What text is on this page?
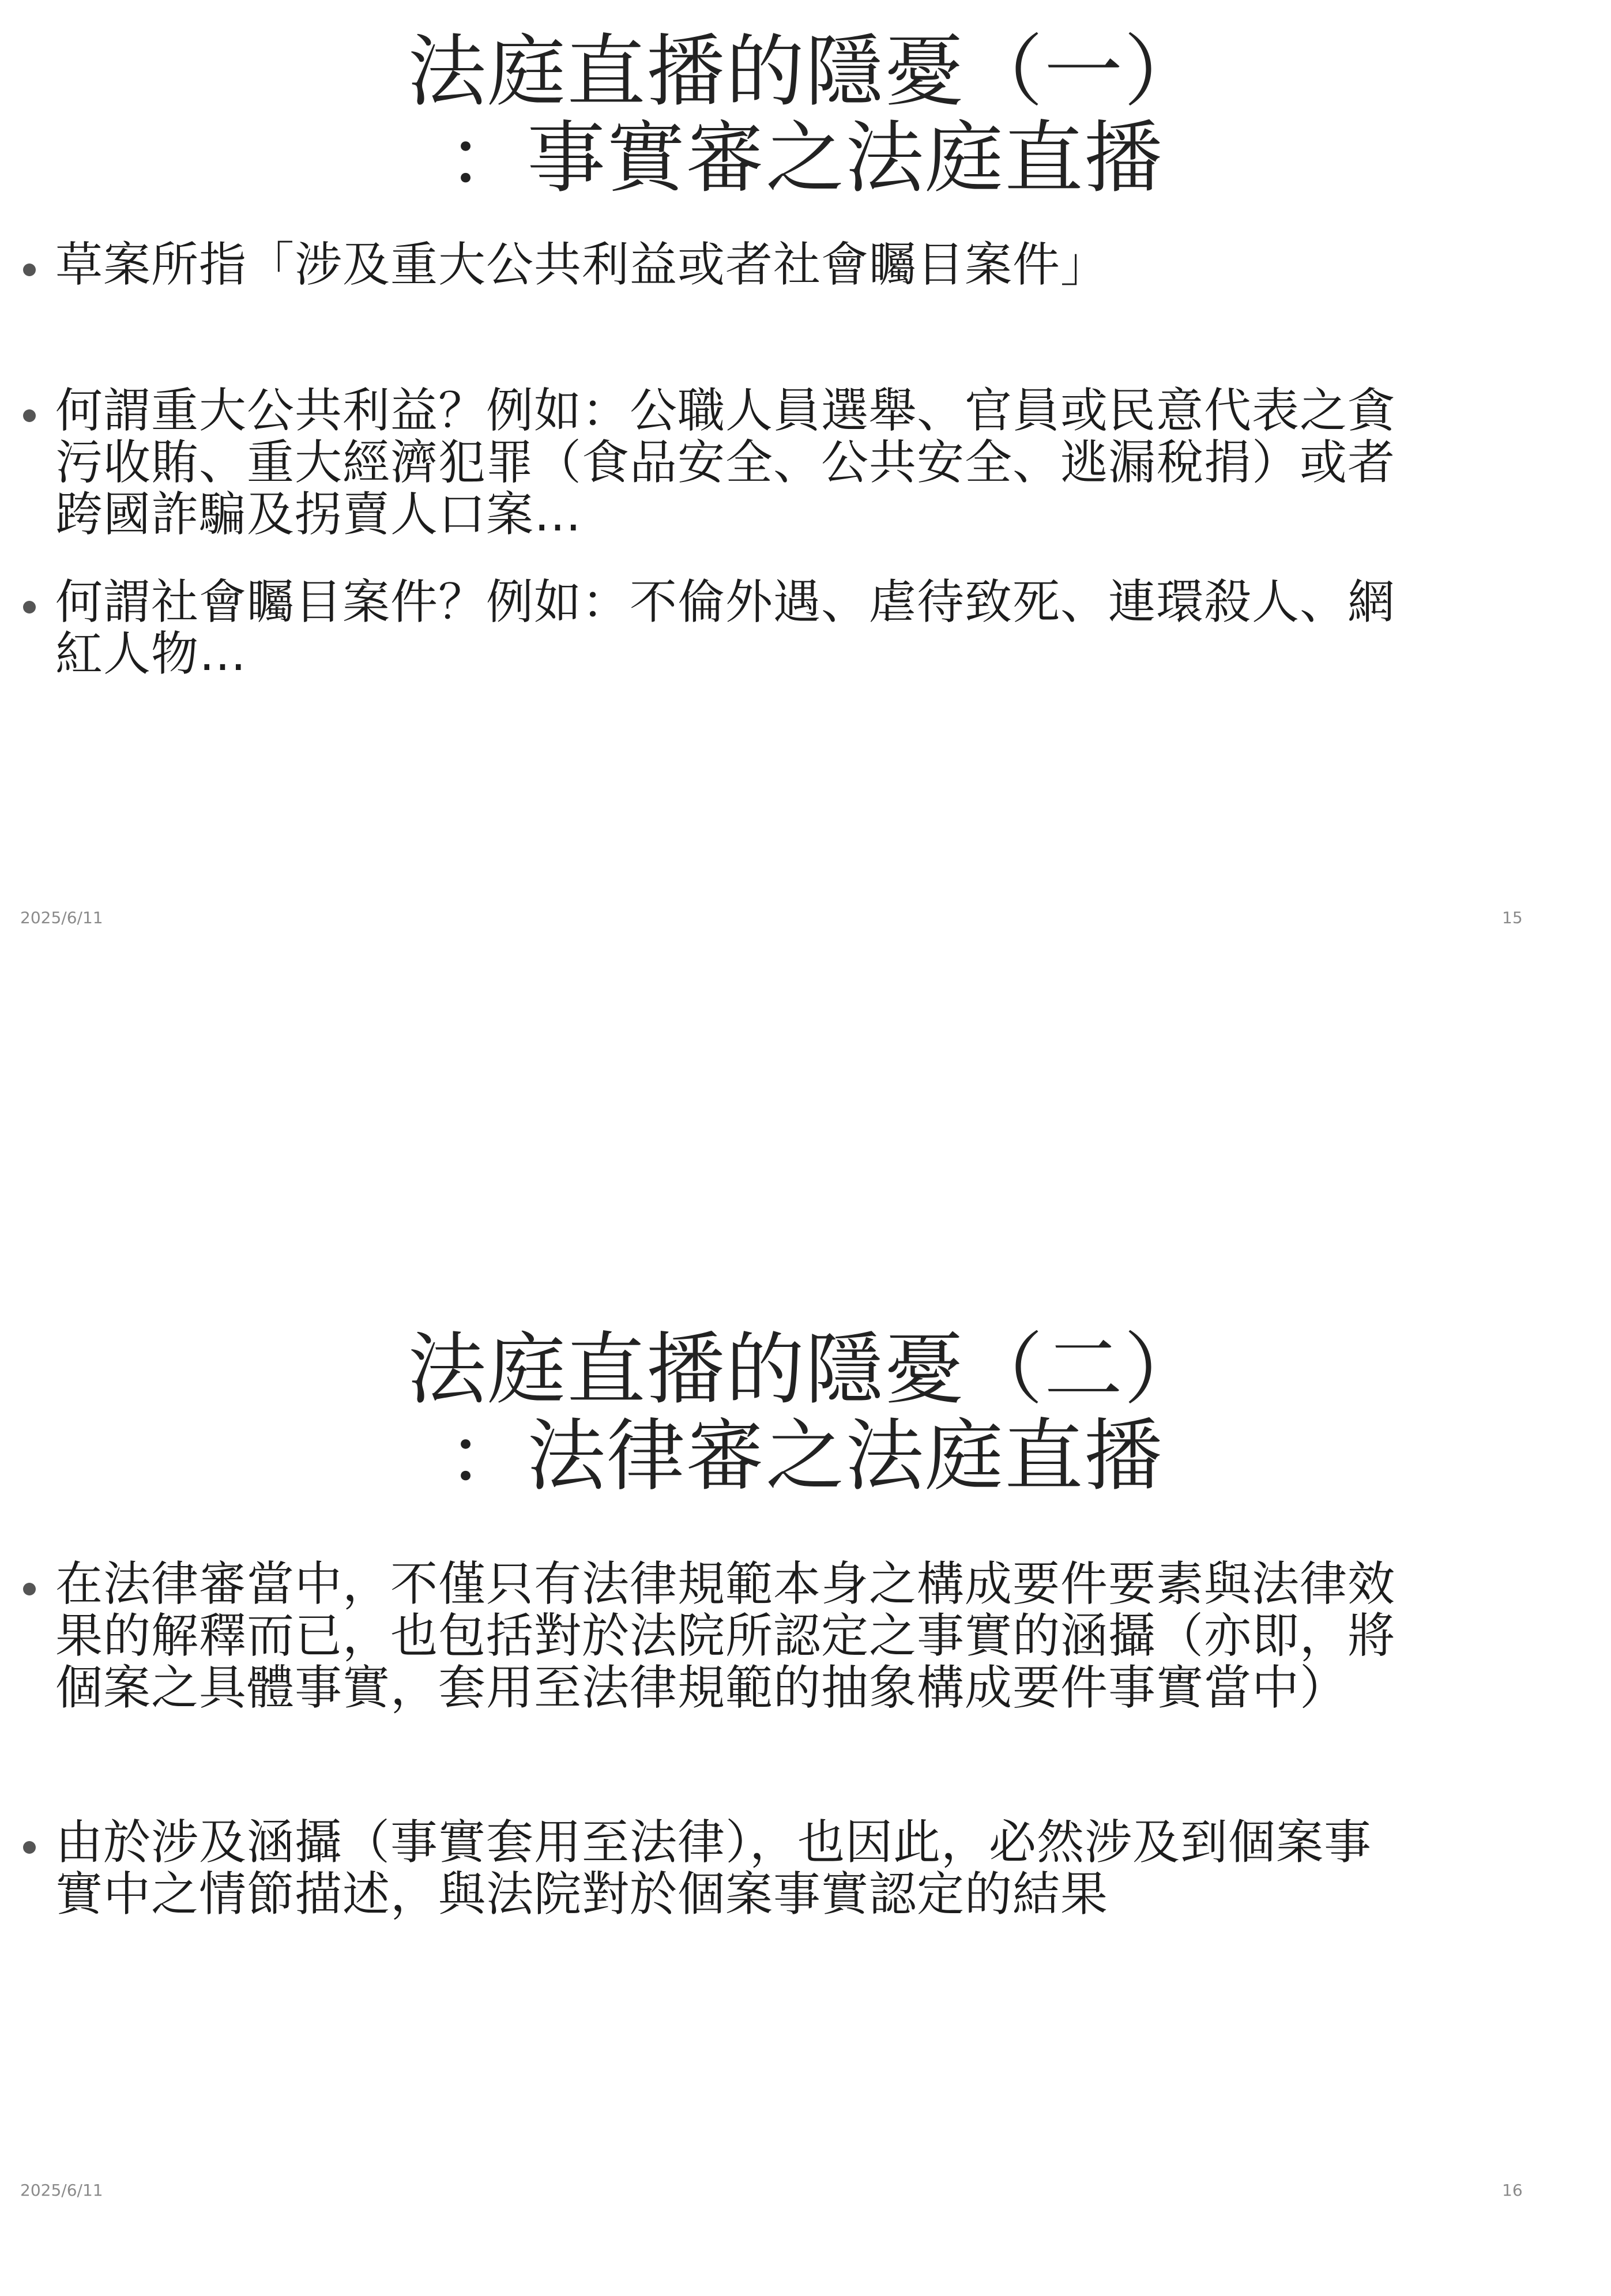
法庭直播的隱憂（一）
：事實審之法庭直播
草案所指「涉及重大公共利益或者社會矚目案件」
何謂重大公共利益？例如：公職人員選舉、官員或民意代表之貪
污收賄、重大經濟犯罪（食品安全、公共安全、逃漏稅捐）或者
跨國詐騙及拐賣人口案…
何謂社會矚目案件？例如：不倫外遇、虐待致死、連環殺人、網
紅人物…
2025/6/11	15
法庭直播的隱憂（二）
：法律審之法庭直播
在法律審當中，不僅只有法律規範本身之構成要件要素與法律效
果的解釋而已，也包括對於法院所認定之事實的涵攝（亦即，將
個案之具體事實，套用至法律規範的抽象構成要件事實當中）
由於涉及涵攝（事實套用至法律），也因此，必然涉及到個案事
實中之情節描述，與法院對於個案事實認定的結果
2025/6/11	16
